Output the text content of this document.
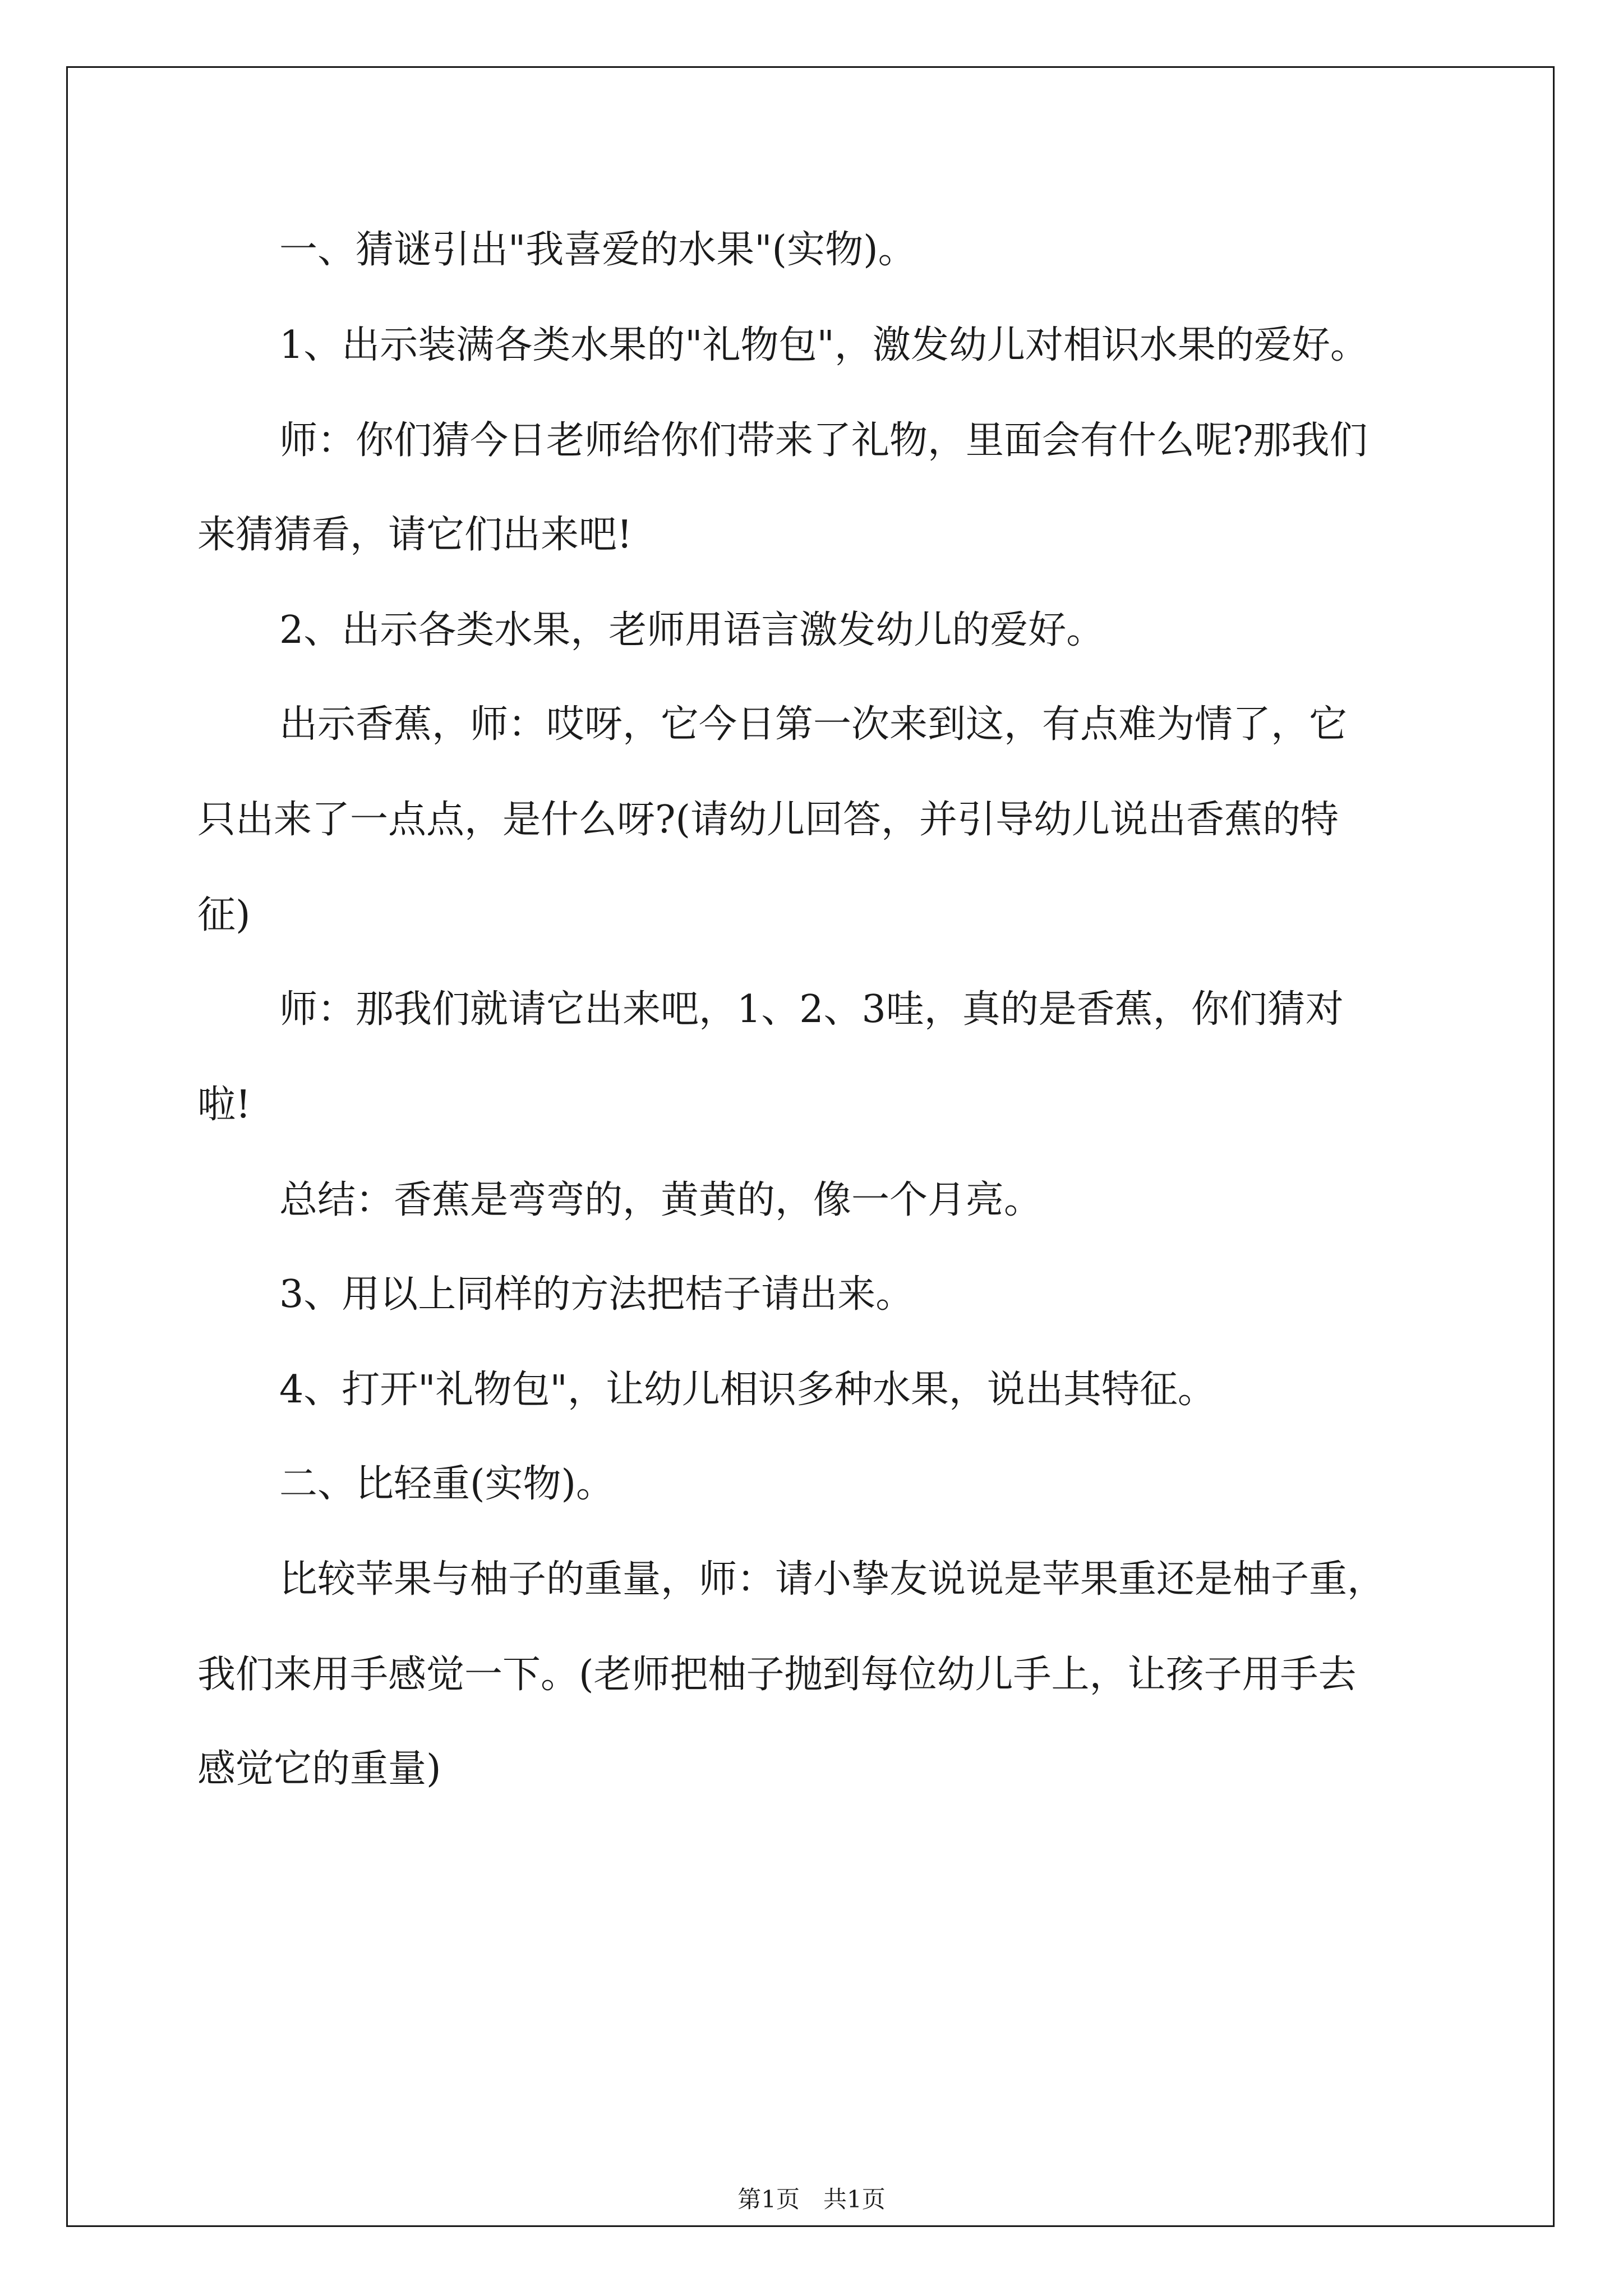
一、猜谜引出"我喜爱的水果"(实物)。
1、出示装满各类水果的"礼物包"，激发幼儿对相识水果的爱好。
师：你们猜今日老师给你们带来了礼物，里面会有什么呢?那我们
来猜猜看，请它们出来吧!
2、出示各类水果，老师用语言激发幼儿的爱好。
出示香蕉，师：哎呀，它今日第一次来到这，有点难为情了，它
只出来了一点点，是什么呀?(请幼儿回答，并引导幼儿说出香蕉的特
征)
师：那我们就请它出来吧，1、2、3哇，真的是香蕉，你们猜对
啦!
总结：香蕉是弯弯的，黄黄的，像一个月亮。
3、用以上同样的方法把桔子请出来。
4、打开"礼物包"，让幼儿相识多种水果，说出其特征。
二、比轻重(实物)。
比较苹果与柚子的重量，师：请小挚友说说是苹果重还是柚子重，
我们来用手感觉一下。(老师把柚子抛到每位幼儿手上，让孩子用手去
感觉它的重量)
第1页　共1页
